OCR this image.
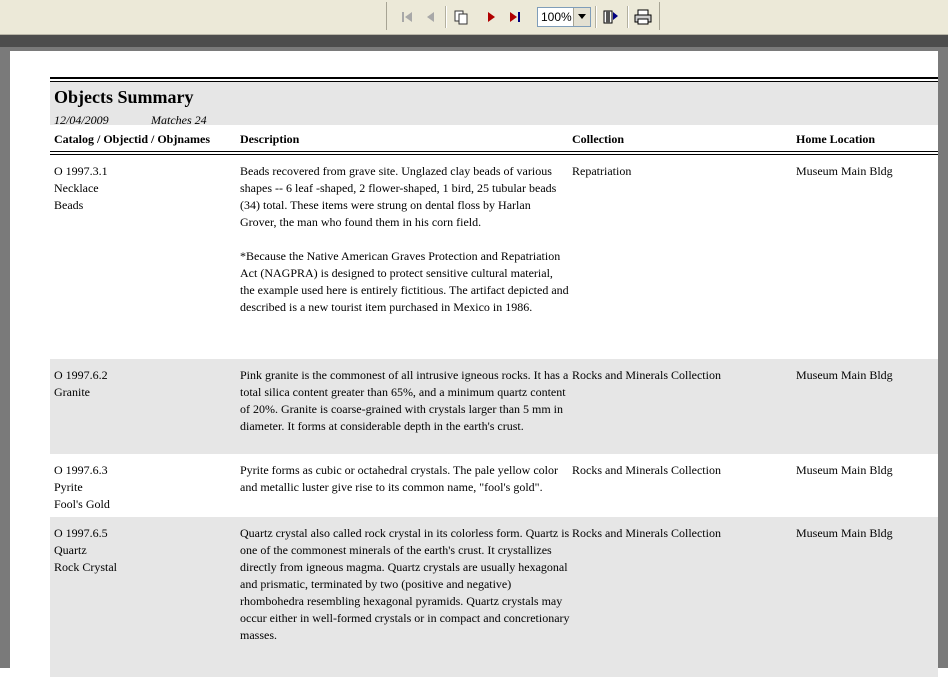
100%
Objects Summary
12/04/2009	Matches 24
Catalog / Objectid / Objnames	Description	Collection	Home Location
O 1997.3.1
Necklace
Beads
Beads recovered from grave site. Unglazed clay beads of various shapes -- 6 leaf -shaped, 2 flower-shaped, 1 bird, 25 tubular beads (34) total. These items were strung on dental floss by Harlan Grover, the man who found them in his corn field.
*Because the Native American Graves Protection and Repatriation Act (NAGPRA) is designed to protect sensitive cultural material, the example used here is entirely fictitious. The artifact depicted and described is a new tourist item purchased in Mexico in 1986.
Repatriation	Museum Main Bldg
O 1997.6.2
Granite
Pink granite is the commonest of all intrusive igneous rocks. It has a total silica content greater than 65%, and a minimum quartz content of 20%. Granite is coarse-grained with crystals larger than 5 mm in diameter. It forms at considerable depth in the earth's crust.
Rocks and Minerals Collection	Museum Main Bldg
O 1997.6.3
Pyrite
Fool's Gold
Pyrite forms as cubic or octahedral crystals. The pale yellow color and metallic luster give rise to its common name, "fool's gold".
Rocks and Minerals Collection	Museum Main Bldg
O 1997.6.5
Quartz
Rock Crystal
Quartz crystal also called rock crystal in its colorless form. Quartz is one of the commonest minerals of the earth's crust. It crystallizes directly from igneous magma. Quartz crystals are usually hexagonal and prismatic, terminated by two (positive and negative) rhombohedra resembling hexagonal pyramids. Quartz crystals may occur either in well-formed crystals or in compact and concretionary masses.
Rocks and Minerals Collection	Museum Main Bldg
